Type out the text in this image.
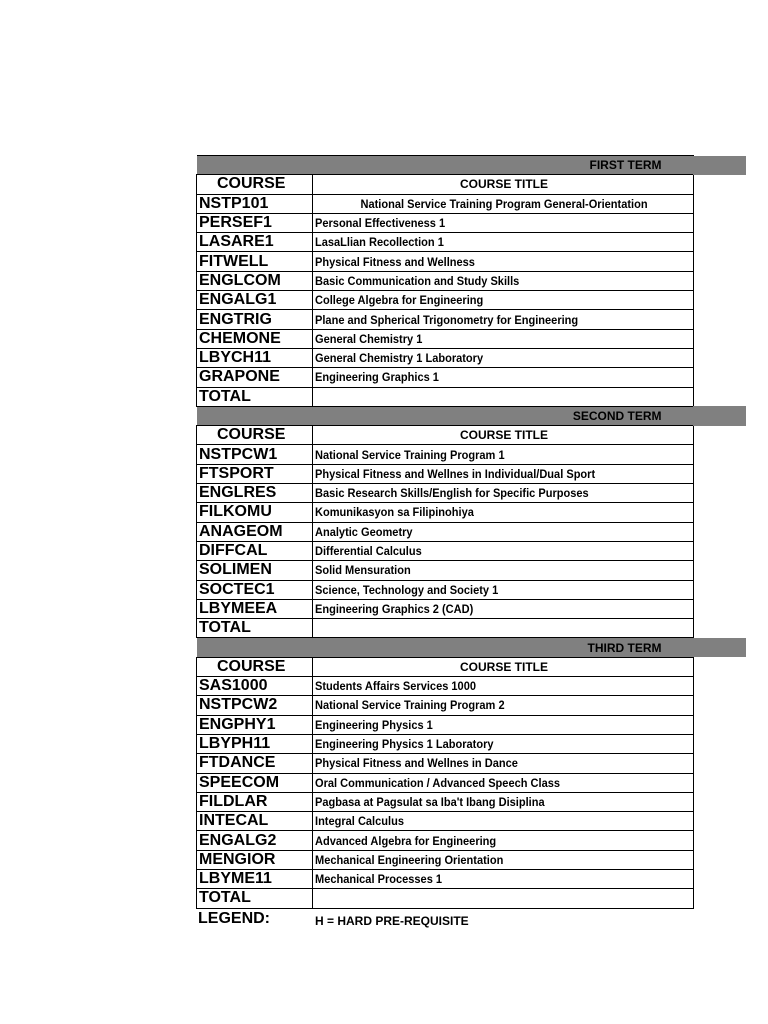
FIRST TERM	
COURSE	COURSE TITLE
NSTP101	National Service Training Program General-Orientation
PERSEF1	Personal Effectiveness 1
LASARE1	LasaLlian Recollection 1
FITWELL	Physical Fitness and Wellness
ENGLCOM	Basic Communication and Study Skills
ENGALG1	College Algebra for Engineering
ENGTRIG	Plane and Spherical Trigonometry for Engineering
CHEMONE	General Chemistry 1
LBYCH11	General Chemistry 1 Laboratory
GRAPONE	Engineering Graphics 1
TOTAL	
SECOND TERM	
COURSE	COURSE TITLE
NSTPCW1	National Service Training Program 1
FTSPORT	Physical Fitness and Wellnes in Individual/Dual Sport
ENGLRES	Basic Research Skills/English for Specific Purposes
FILKOMU	Komunikasyon sa Filipinohiya
ANAGEOM	Analytic Geometry
DIFFCAL	Differential Calculus
SOLIMEN	Solid Mensuration
SOCTEC1	Science, Technology and Society 1
LBYMEEA	Engineering Graphics 2 (CAD)
TOTAL	
THIRD TERM	
COURSE	COURSE TITLE
SAS1000	Students Affairs Services 1000
NSTPCW2	National Service Training Program 2
ENGPHY1	Engineering Physics 1
LBYPH11	Engineering Physics 1 Laboratory
FTDANCE	Physical Fitness and Wellnes in Dance
SPEECOM	Oral Communication / Advanced Speech Class
FILDLAR	Pagbasa at Pagsulat sa Iba't Ibang Disiplina
INTECAL	Integral Calculus
ENGALG2	Advanced Algebra for Engineering
MENGIOR	Mechanical Engineering Orientation
LBYME11	Mechanical Processes 1
TOTAL	
LEGEND:	H = HARD PRE-REQUISITE
